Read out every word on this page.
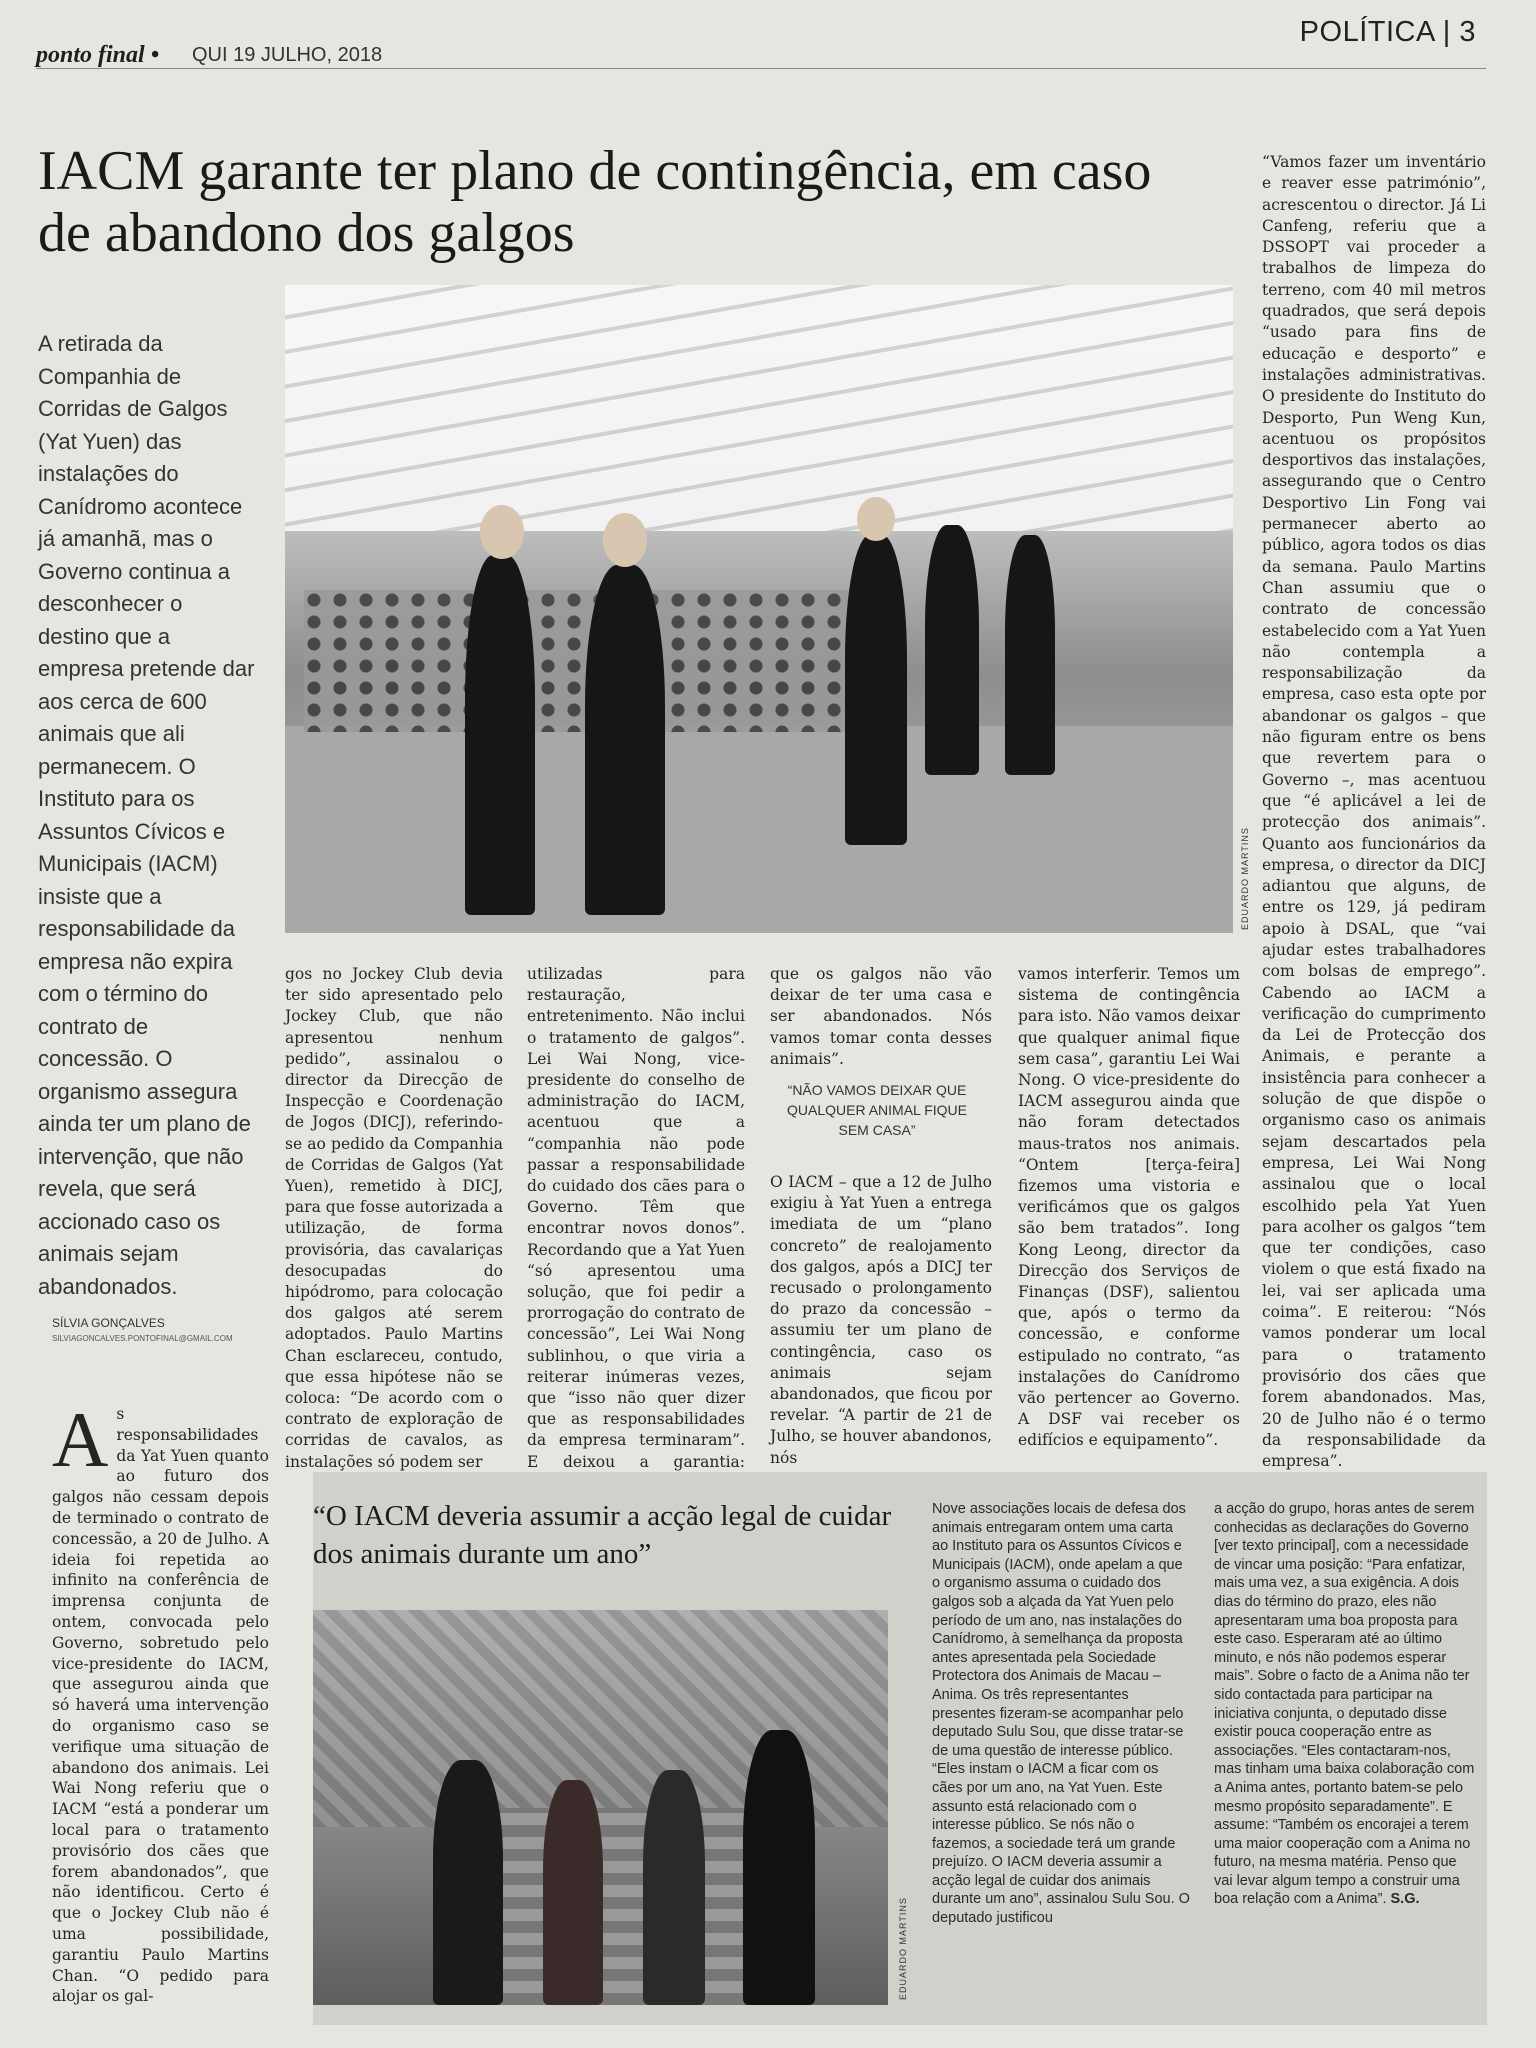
ponto final • QUI 19 JULHO, 2018
POLÍTICA | 3
IACM garante ter plano de contingência, em caso de abandono dos galgos
EDUARDO MARTINS
A retirada da Companhia de Corridas de Galgos (Yat Yuen) das instalações do Canídromo acontece já amanhã, mas o Governo continua a desconhecer o destino que a empresa pretende dar aos cerca de 600 animais que ali permanecem. O Instituto para os Assuntos Cívicos e Municipais (IACM) insiste que a responsabilidade da empresa não expira com o término do contrato de concessão. O organismo assegura ainda ter um plano de intervenção, que não revela, que será accionado caso os animais sejam abandonados.
SÍLVIA GONÇALVES
SILVIAGONCALVES.PONTOFINAL@GMAIL.COM
As responsabilidades da Yat Yuen quanto ao futuro dos galgos não cessam depois de terminado o contrato de concessão, a 20 de Julho. A ideia foi repetida ao infinito na conferência de imprensa conjunta de ontem, convocada pelo Governo, sobretudo pelo vice-presidente do IACM, que assegurou ainda que só haverá uma intervenção do organismo caso se verifique uma situação de abandono dos animais. Lei Wai Nong referiu que o IACM “está a ponderar um local para o tratamento provisório dos cães que forem abandonados”, que não identificou. Certo é que o Jockey Club não é uma possibilidade, garantiu Paulo Martins Chan. “O pedido para alojar os gal-
gos no Jockey Club devia ter sido apresentado pelo Jockey Club, que não apresentou nenhum pedido”, assinalou o director da Direcção de Inspecção e Coordenação de Jogos (DICJ), referindo-se ao pedido da Companhia de Corridas de Galgos (Yat Yuen), remetido à DICJ, para que fosse autorizada a utilização, de forma provisória, das cavalariças desocupadas do hipódromo, para colocação dos galgos até serem adoptados. Paulo Martins Chan esclareceu, contudo, que essa hipótese não se coloca: “De acordo com o contrato de exploração de corridas de cavalos, as instalações só podem ser
utilizadas para restauração, entretenimento. Não inclui o tratamento de galgos”. Lei Wai Nong, vice-presidente do conselho de administração do IACM, acentuou que a “companhia não pode passar a responsabilidade do cuidado dos cães para o Governo. Têm que encontrar novos donos”. Recordando que a Yat Yuen “só apresentou uma solução, que foi pedir a prorrogação do contrato de concessão”, Lei Wai Nong sublinhou, o que viria a reiterar inúmeras vezes, que “isso não quer dizer que as responsabilidades da empresa terminaram”. E deixou a garantia:
que os galgos não vão deixar de ter uma casa e ser abandonados. Nós vamos tomar conta desses animais”.
“NÃO VAMOS DEIXAR QUE QUALQUER ANIMAL FIQUE SEM CASA”
O IACM – que a 12 de Julho exigiu à Yat Yuen a entrega imediata de um “plano concreto” de realojamento dos galgos, após a DICJ ter recusado o prolongamento do prazo da concessão – assumiu ter um plano de contingência, caso os animais sejam abandonados, que ficou por revelar. “A partir de 21 de Julho, se houver abandonos, nós
vamos interferir. Temos um sistema de contingência para isto. Não vamos deixar que qualquer animal fique sem casa”, garantiu Lei Wai Nong. O vice-presidente do IACM assegurou ainda que não foram detectados maus-tratos nos animais. “Ontem [terça-feira] fizemos uma vistoria e verificámos que os galgos são bem tratados”. Iong Kong Leong, director da Direcção dos Serviços de Finanças (DSF), salientou que, após o termo da concessão, e conforme estipulado no contrato, “as instalações do Canídromo vão pertencer ao Governo. A DSF vai receber os edifícios e equipamento”.
“Vamos fazer um inventário e reaver esse património”, acrescentou o director. Já Li Canfeng, referiu que a DSSOPT vai proceder a trabalhos de limpeza do terreno, com 40 mil metros quadrados, que será depois “usado para fins de educação e desporto” e instalações administrativas. O presidente do Instituto do Desporto, Pun Weng Kun, acentuou os propósitos desportivos das instalações, assegurando que o Centro Desportivo Lin Fong vai permanecer aberto ao público, agora todos os dias da semana. Paulo Martins Chan assumiu que o contrato de concessão estabelecido com a Yat Yuen não contempla a responsabilização da empresa, caso esta opte por abandonar os galgos – que não figuram entre os bens que revertem para o Governo –, mas acentuou que “é aplicável a lei de protecção dos animais”. Quanto aos funcionários da empresa, o director da DICJ adiantou que alguns, de entre os 129, já pediram apoio à DSAL, que “vai ajudar estes trabalhadores com bolsas de emprego”. Cabendo ao IACM a verificação do cumprimento da Lei de Protecção dos Animais, e perante a insistência para conhecer a solução de que dispõe o organismo caso os animais sejam descartados pela empresa, Lei Wai Nong assinalou que o local escolhido pela Yat Yuen para acolher os galgos “tem que ter condições, caso violem o que está fixado na lei, vai ser aplicada uma coima”. E reiterou: “Nós vamos ponderar um local para o tratamento provisório dos cães que forem abandonados. Mas, 20 de Julho não é o termo da responsabilidade da empresa”.
“O IACM deveria assumir a acção legal de cuidar dos animais durante um ano”
EDUARDO MARTINS
Nove associações locais de defesa dos animais entregaram ontem uma carta ao Instituto para os Assuntos Cívicos e Municipais (IACM), onde apelam a que o organismo assuma o cuidado dos galgos sob a alçada da Yat Yuen pelo período de um ano, nas instalações do Canídromo, à semelhança da proposta antes apresentada pela Sociedade Protectora dos Animais de Macau – Anima. Os três representantes presentes fizeram-se acompanhar pelo deputado Sulu Sou, que disse tratar-se de uma questão de interesse público. “Eles instam o IACM a ficar com os cães por um ano, na Yat Yuen. Este assunto está relacionado com o interesse público. Se nós não o fazemos, a sociedade terá um grande prejuízo. O IACM deveria assumir a acção legal de cuidar dos animais durante um ano”, assinalou Sulu Sou. O deputado justificou
a acção do grupo, horas antes de serem conhecidas as declarações do Governo [ver texto principal], com a necessidade de vincar uma posição: “Para enfatizar, mais uma vez, a sua exigência. A dois dias do término do prazo, eles não apresentaram uma boa proposta para este caso. Esperaram até ao último minuto, e nós não podemos esperar mais”. Sobre o facto de a Anima não ter sido contactada para participar na iniciativa conjunta, o deputado disse existir pouca cooperação entre as associações. “Eles contactaram-nos, mas tinham uma baixa colaboração com a Anima antes, portanto batem-se pelo mesmo propósito separadamente”. E assume: “Também os encorajei a terem uma maior cooperação com a Anima no futuro, na mesma matéria. Penso que vai levar algum tempo a construir uma boa relação com a Anima”. S.G.
